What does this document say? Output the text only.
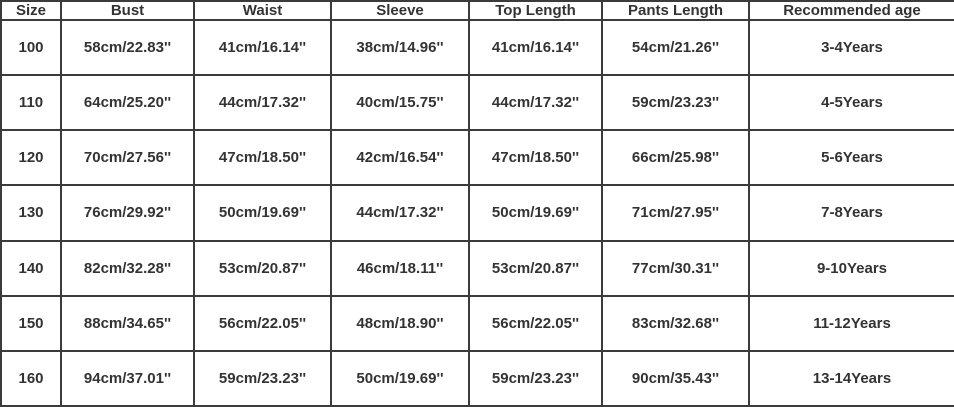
Size	Bust	Waist	Sleeve	Top Length	Pants Length	Recommended age
100	58cm/22.83''	41cm/16.14''	38cm/14.96''	41cm/16.14''	54cm/21.26''	3-4Years
110	64cm/25.20''	44cm/17.32''	40cm/15.75''	44cm/17.32''	59cm/23.23''	4-5Years
120	70cm/27.56''	47cm/18.50''	42cm/16.54''	47cm/18.50''	66cm/25.98''	5-6Years
130	76cm/29.92''	50cm/19.69''	44cm/17.32''	50cm/19.69''	71cm/27.95''	7-8Years
140	82cm/32.28''	53cm/20.87''	46cm/18.11''	53cm/20.87''	77cm/30.31''	9-10Years
150	88cm/34.65''	56cm/22.05''	48cm/18.90''	56cm/22.05''	83cm/32.68''	11-12Years
160	94cm/37.01''	59cm/23.23''	50cm/19.69''	59cm/23.23''	90cm/35.43''	13-14Years
